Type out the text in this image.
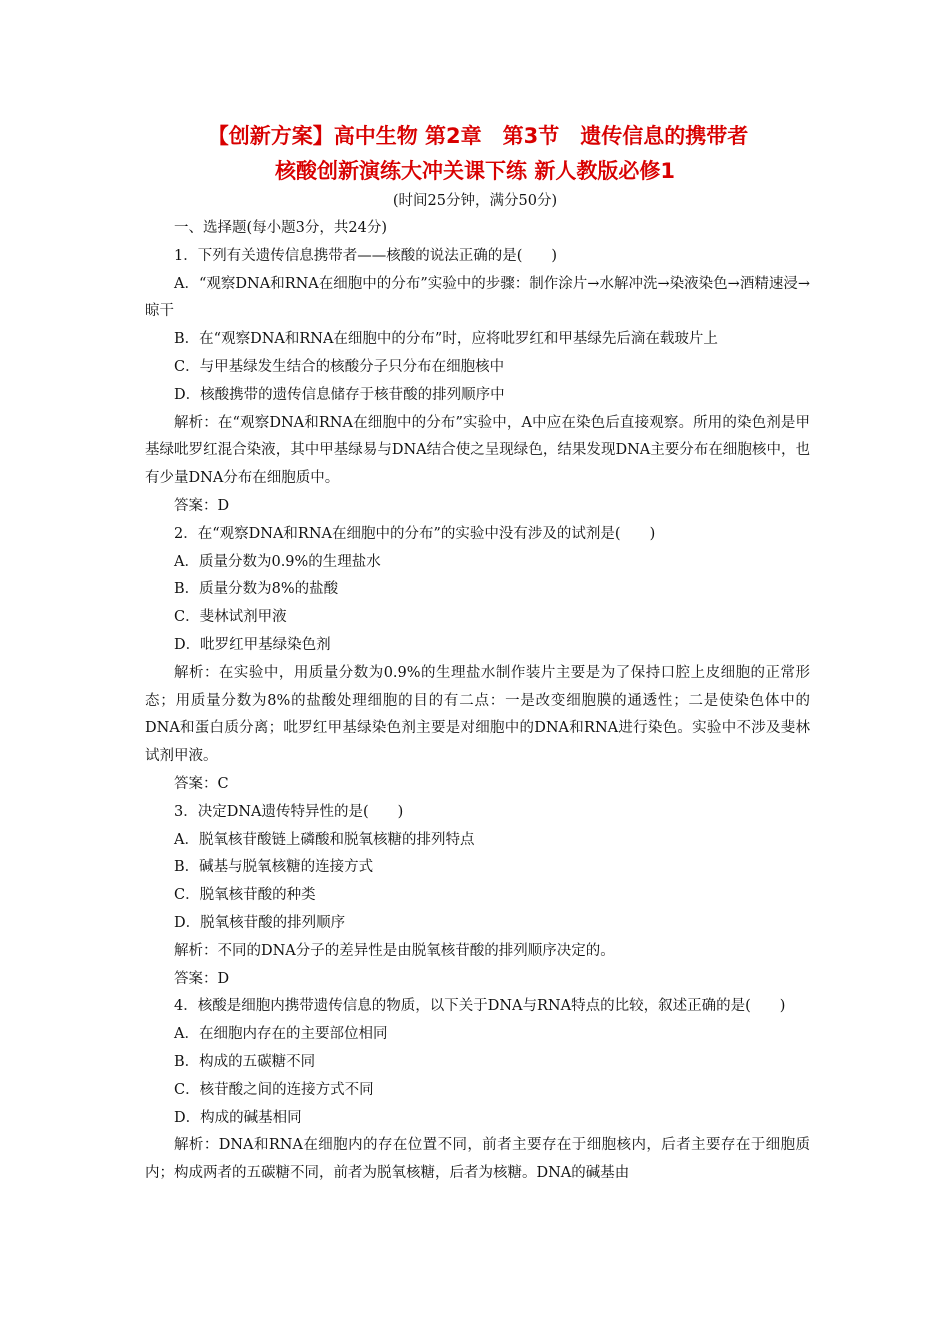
【创新方案】高中生物 第2章　第3节　遗传信息的携带者
核酸创新演练大冲关课下练 新人教版必修1
(时间25分钟，满分50分)

一、选择题(每小题3分，共24分)

1．下列有关遗传信息携带者——核酸的说法正确的是(　　)

A．“观察DNA和RNA在细胞中的分布”实验中的步骤：制作涂片→水解冲洗→染液染色→酒精速浸→晾干

B．在“观察DNA和RNA在细胞中的分布”时，应将吡罗红和甲基绿先后滴在载玻片上

C．与甲基绿发生结合的核酸分子只分布在细胞核中

D．核酸携带的遗传信息储存于核苷酸的排列顺序中

解析：在“观察DNA和RNA在细胞中的分布”实验中，A中应在染色后直接观察。所用的染色剂是甲基绿吡罗红混合染液，其中甲基绿易与DNA结合使之呈现绿色，结果发现DNA主要分布在细胞核中，也有少量DNA分布在细胞质中。

答案：D

2．在“观察DNA和RNA在细胞中的分布”的实验中没有涉及的试剂是(　　)

A．质量分数为0.9%的生理盐水

B．质量分数为8%的盐酸

C．斐林试剂甲液

D．吡罗红甲基绿染色剂

解析：在实验中，用质量分数为0.9%的生理盐水制作装片主要是为了保持口腔上皮细胞的正常形态；用质量分数为8%的盐酸处理细胞的目的有二点：一是改变细胞膜的通透性；二是使染色体中的DNA和蛋白质分离；吡罗红甲基绿染色剂主要是对细胞中的DNA和RNA进行染色。实验中不涉及斐林试剂甲液。

答案：C

3．决定DNA遗传特异性的是(　　)

A．脱氧核苷酸链上磷酸和脱氧核糖的排列特点

B．碱基与脱氧核糖的连接方式

C．脱氧核苷酸的种类

D．脱氧核苷酸的排列顺序

解析：不同的DNA分子的差异性是由脱氧核苷酸的排列顺序决定的。

答案：D

4．核酸是细胞内携带遗传信息的物质，以下关于DNA与RNA特点的比较，叙述正确的是(　　)

A．在细胞内存在的主要部位相同

B．构成的五碳糖不同

C．核苷酸之间的连接方式不同

D．构成的碱基相同

解析：DNA和RNA在细胞内的存在位置不同，前者主要存在于细胞核内，后者主要存在于细胞质内；构成两者的五碳糖不同，前者为脱氧核糖，后者为核糖。DNA的碱基由
